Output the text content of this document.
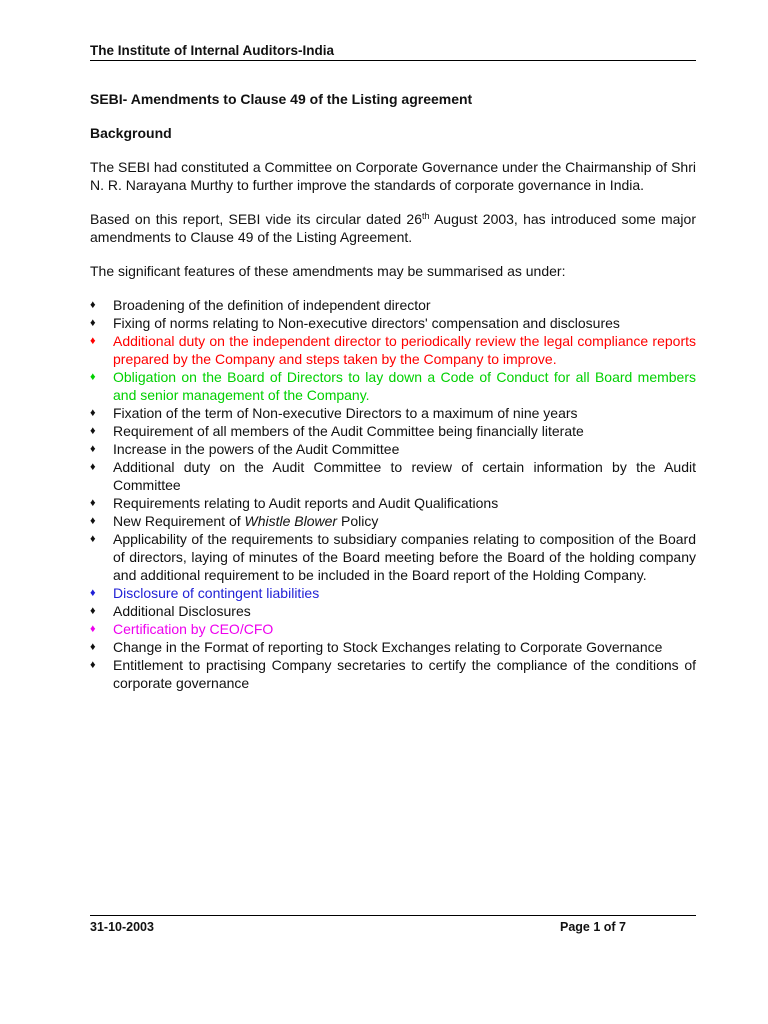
The Institute of Internal Auditors-India
SEBI- Amendments to Clause 49 of the Listing agreement
Background

The SEBI had constituted a Committee on Corporate Governance under the Chairmanship of Shri N. R. Narayana Murthy to further improve the standards of corporate governance in India.

Based on this report, SEBI vide its circular dated 26th August 2003, has introduced some major amendments to Clause 49 of the Listing Agreement.

The significant features of these amendments may be summarised as under:

♦ Broadening of the definition of independent director
♦ Fixing of norms relating to Non-executive directors' compensation and disclosures
♦ Additional duty on the independent director to periodically review the legal compliance reports prepared by the Company and steps taken by the Company to improve.
♦ Obligation on the Board of Directors to lay down a Code of Conduct for all Board members and senior management of the Company.
♦ Fixation of the term of Non-executive Directors to a maximum of nine years
♦ Requirement of all members of the Audit Committee being financially literate
♦ Increase in the powers of the Audit Committee
♦ Additional duty on the Audit Committee to review of certain information by the Audit Committee
♦ Requirements relating to Audit reports and Audit Qualifications
♦ New Requirement of Whistle Blower Policy
♦ Applicability of the requirements to subsidiary companies relating to composition of the Board of directors, laying of minutes of the Board meeting before the Board of the holding company and additional requirement to be included in the Board report of the Holding Company.
♦ Disclosure of contingent liabilities
♦ Additional Disclosures
♦ Certification by CEO/CFO
♦ Change in the Format of reporting to Stock Exchanges relating to Corporate Governance
♦ Entitlement to practising Company secretaries to certify the compliance of the conditions of corporate governance
31-10-2003	Page 1 of 7
